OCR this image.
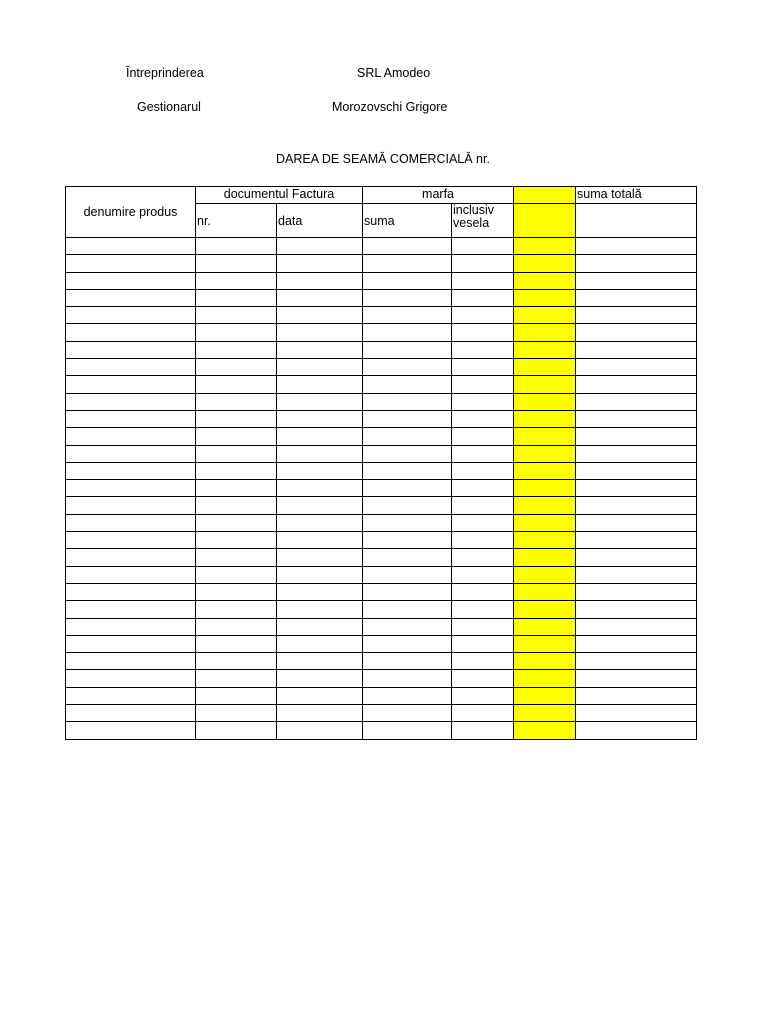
Întreprinderea	SRL Amodeo
Gestionarul	Morozovschi Grigore
DAREA DE SEAMĂ COMERCIALĂ nr.
denumire produs	documentul Factura		marfa			suma totală
	nr.	data	suma	inclusiv vesela		
